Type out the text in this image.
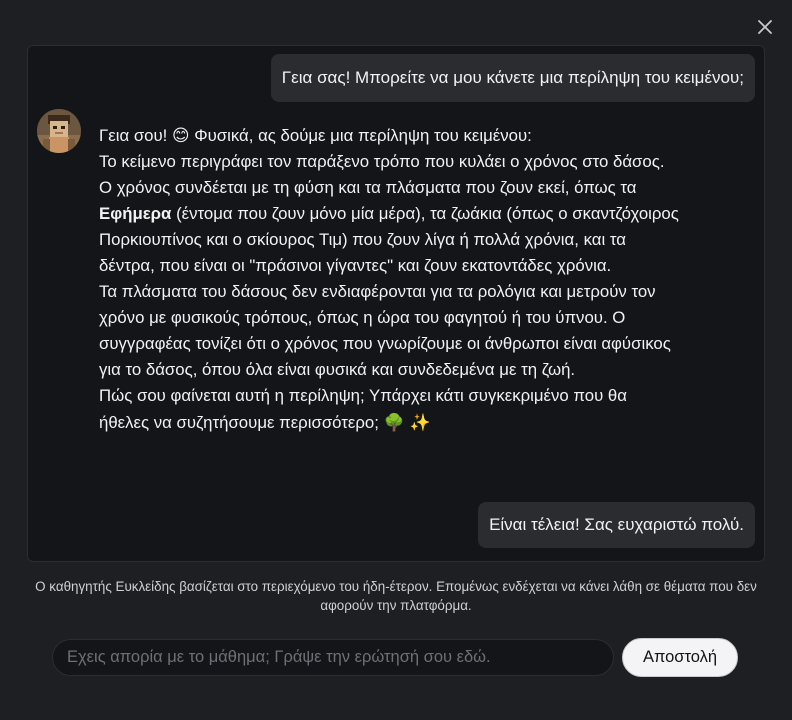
Γεια σας! Μπορείτε να μου κάνετε μια περίληψη του κειμένου;

Γεια σου! 😊 Φυσικά, ας δούμε μια περίληψη του κειμένου:

Το κείμενο περιγράφει τον παράξενο τρόπο που κυλάει ο χρόνος στο δάσος. Ο χρόνος συνδέεται με τη φύση και τα πλάσματα που ζουν εκεί, όπως τα Εφήμερα (έντομα που ζουν μόνο μία μέρα), τα ζωάκια (όπως ο σκαντζόχοιρος Πορκιουπίνος και ο σκίουρος Τιμ) που ζουν λίγα ή πολλά χρόνια, και τα δέντρα, που είναι οι "πράσινοι γίγαντες" και ζουν εκατοντάδες χρόνια.

Τα πλάσματα του δάσους δεν ενδιαφέρονται για τα ρολόγια και μετρούν τον χρόνο με φυσικούς τρόπους, όπως η ώρα του φαγητού ή του ύπνου. Ο συγγραφέας τονίζει ότι ο χρόνος που γνωρίζουμε οι άνθρωποι είναι αφύσικος για το δάσος, όπου όλα είναι φυσικά και συνδεδεμένα με τη ζωή.

Πώς σου φαίνεται αυτή η περίληψη; Υπάρχει κάτι συγκεκριμένο που θα ήθελες να συζητήσουμε περισσότερο; 🌳 ✨

Είναι τέλεια! Σας ευχαριστώ πολύ.
Ο καθηγητής Ευκλείδης βασίζεται στο περιεχόμενο του ήδη-έτερον. Επομένως ενδέχεται να κάνει λάθη σε θέματα που δεν αφορούν την πλατφόρμα.
Εχεις απορία με το μάθημα; Γράψε την ερώτησή σου εδώ.
Αποστολή
